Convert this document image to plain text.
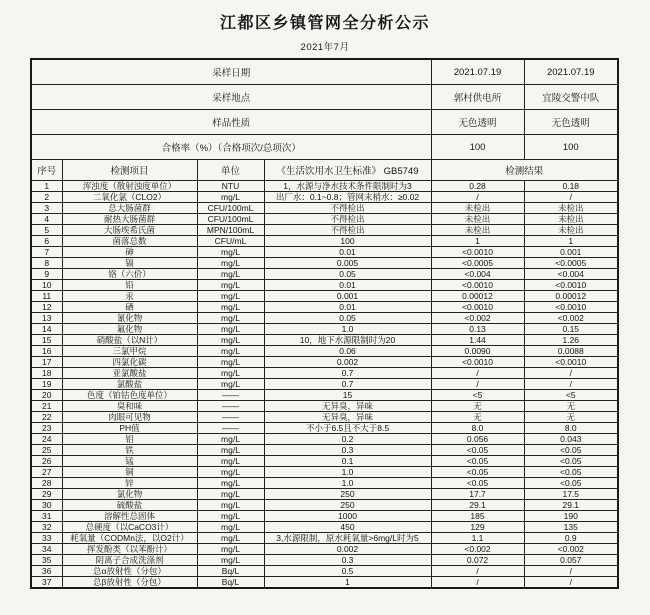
江都区乡镇管网全分析公示
2021年7月
采样日期				2021.07.19	2021.07.19
采样地点				郭村供电所	宜陵交警中队
样品性质				无色透明	无色透明
合格率（%）（合格项次/总项次）				100	100
序号	检测项目	单位	《生活饮用水卫生标准》 GB5749	检测结果	
1	浑浊度（散射浊度单位）	NTU	1，水源与净水技术条件限制时为3	0.28	0.18
2	二氧化氯（CLO2）	mg/L	出厂水：0.1~0.8；管网末梢水：≥0.02	/	/
3	总大肠菌群	CFU/100mL	不得检出	未检出	未检出
4	耐热大肠菌群	CFU/100mL	不得检出	未检出	未检出
5	大肠埃希氏菌	MPN/100mL	不得检出	未检出	未检出
6	菌落总数	CFU/mL	100	1	1
7	砷	mg/L	0.01	<0.0010	0.001
8	镉	mg/L	0.005	<0.0005	<0.0005
9	铬（六价）	mg/L	0.05	<0.004	<0.004
10	铅	mg/L	0.01	<0.0010	<0.0010
11	汞	mg/L	0.001	0.00012	0.00012
12	硒	mg/L	0.01	<0.0010	<0.0010
13	氰化物	mg/L	0.05	<0.002	<0.002
14	氟化物	mg/L	1.0	0.13	0.15
15	硝酸盐（以N计）	mg/L	10，地下水源限制时为20	1.44	1.26
16	三氯甲烷	mg/L	0.06	0.0090	0.0088
17	四氯化碳	mg/L	0.002	<0.0010	<0.0010
18	亚氯酸盐	mg/L	0.7	/	/
19	氯酸盐	mg/L	0.7	/	/
20	色度（铂钴色度单位）	——	15	<5	<5
21	臭和味	——	无异臭，异味	无	无
22	肉眼可见物	——	无异臭，异味	无	无
23	PH值	——	不小于6.5且不大于8.5	8.0	8.0
24	铝	mg/L	0.2	0.056	0.043
25	铁	mg/L	0.3	<0.05	<0.05
26	锰	mg/L	0.1	<0.05	<0.05
27	铜	mg/L	1.0	<0.05	<0.05
28	锌	mg/L	1.0	<0.05	<0.05
29	氯化物	mg/L	250	17.7	17.5
30	硫酸盐	mg/L	250	29.1	29.1
31	溶解性总固体	mg/L	1000	185	190
32	总硬度（以CaCO3计）	mg/L	450	129	135
33	耗氧量（CODMn法，以O2计）	mg/L	3,水源限制，原水耗氧量>6mg/L时为5	1.1	0.9
34	挥发酚类（以苯酚计）	mg/L	0.002	<0.002	<0.002
35	阴离子合成洗涤剂	mg/L	0.3	0.072	0.057
36	总α放射性（分包）	Bq/L	0.5	/	/
37	总β放射性（分包）	Bq/L	1	/	/
